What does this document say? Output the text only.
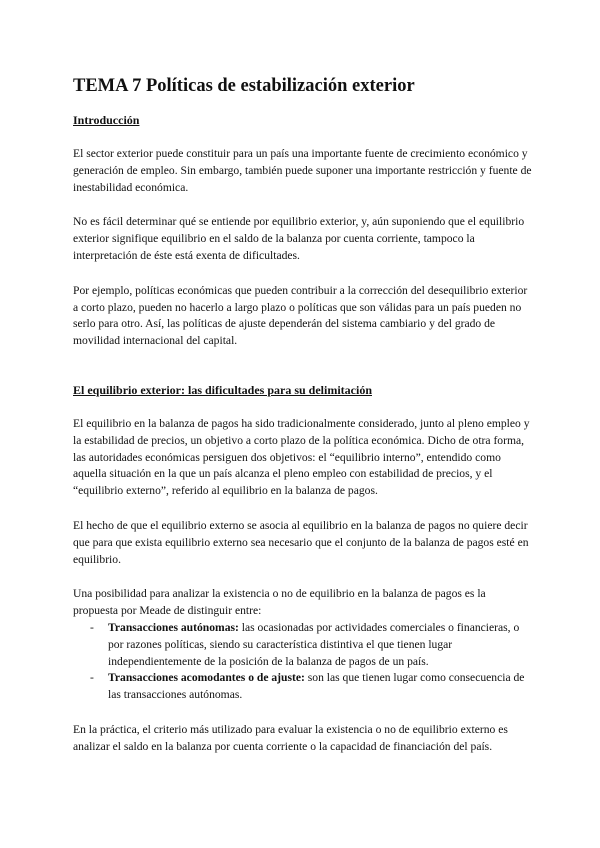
TEMA 7 Políticas de estabilización exterior
Introducción

El sector exterior puede constituir para un país una importante fuente de crecimiento económico y generación de empleo. Sin embargo, también puede suponer una importante restricción y fuente de inestabilidad económica.

No es fácil determinar qué se entiende por equilibrio exterior, y, aún suponiendo que el equilibrio exterior signifique equilibrio en el saldo de la balanza por cuenta corriente, tampoco la interpretación de éste está exenta de dificultades.

Por ejemplo, políticas económicas que pueden contribuir a la corrección del desequilibrio exterior a corto plazo, pueden no hacerlo a largo plazo o políticas que son válidas para un país pueden no serlo para otro. Así, las políticas de ajuste dependerán del sistema cambiario y del grado de movilidad internacional del capital.

El equilibrio exterior: las dificultades para su delimitación

El equilibrio en la balanza de pagos ha sido tradicionalmente considerado, junto al pleno empleo y la estabilidad de precios, un objetivo a corto plazo de la política económica. Dicho de otra forma, las autoridades económicas persiguen dos objetivos: el “equilibrio interno”, entendido como aquella situación en la que un país alcanza el pleno empleo con estabilidad de precios, y el “equilibrio externo”, referido al equilibrio en la balanza de pagos.

El hecho de que el equilibrio externo se asocia al equilibrio en la balanza de pagos no quiere decir que para que exista equilibrio externo sea necesario que el conjunto de la balanza de pagos esté en equilibrio.

Una posibilidad para analizar la existencia o no de equilibrio en la balanza de pagos es la propuesta por Meade de distinguir entre:

- Transacciones autónomas: las ocasionadas por actividades comerciales o financieras, o por razones políticas, siendo su característica distintiva el que tienen lugar independientemente de la posición de la balanza de pagos de un país.
- Transacciones acomodantes o de ajuste: son las que tienen lugar como consecuencia de las transacciones autónomas.

En la práctica, el criterio más utilizado para evaluar la existencia o no de equilibrio externo es analizar el saldo en la balanza por cuenta corriente o la capacidad de financiación del país.
